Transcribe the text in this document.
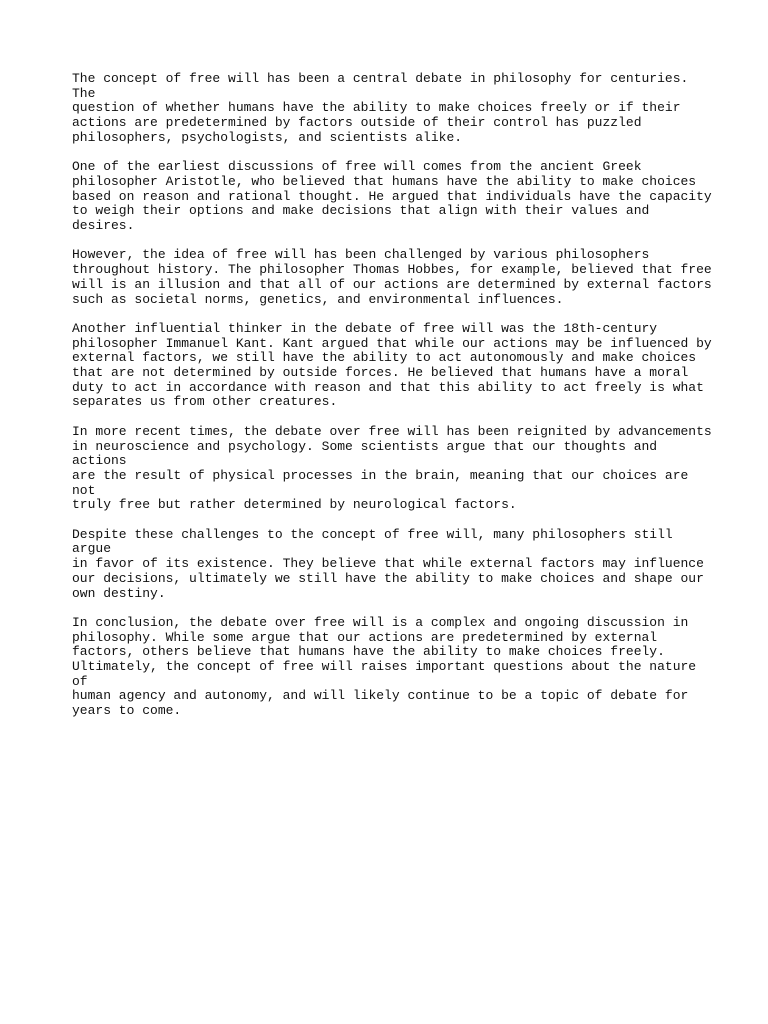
The concept of free will has been a central debate in philosophy for centuries. The
question of whether humans have the ability to make choices freely or if their
actions are predetermined by factors outside of their control has puzzled
philosophers, psychologists, and scientists alike.

One of the earliest discussions of free will comes from the ancient Greek
philosopher Aristotle, who believed that humans have the ability to make choices
based on reason and rational thought. He argued that individuals have the capacity
to weigh their options and make decisions that align with their values and desires.

However, the idea of free will has been challenged by various philosophers
throughout history. The philosopher Thomas Hobbes, for example, believed that free
will is an illusion and that all of our actions are determined by external factors
such as societal norms, genetics, and environmental influences.

Another influential thinker in the debate of free will was the 18th-century
philosopher Immanuel Kant. Kant argued that while our actions may be influenced by
external factors, we still have the ability to act autonomously and make choices
that are not determined by outside forces. He believed that humans have a moral
duty to act in accordance with reason and that this ability to act freely is what
separates us from other creatures.

In more recent times, the debate over free will has been reignited by advancements
in neuroscience and psychology. Some scientists argue that our thoughts and actions
are the result of physical processes in the brain, meaning that our choices are not
truly free but rather determined by neurological factors.

Despite these challenges to the concept of free will, many philosophers still argue
in favor of its existence. They believe that while external factors may influence
our decisions, ultimately we still have the ability to make choices and shape our
own destiny.

In conclusion, the debate over free will is a complex and ongoing discussion in
philosophy. While some argue that our actions are predetermined by external
factors, others believe that humans have the ability to make choices freely.
Ultimately, the concept of free will raises important questions about the nature of
human agency and autonomy, and will likely continue to be a topic of debate for
years to come.
